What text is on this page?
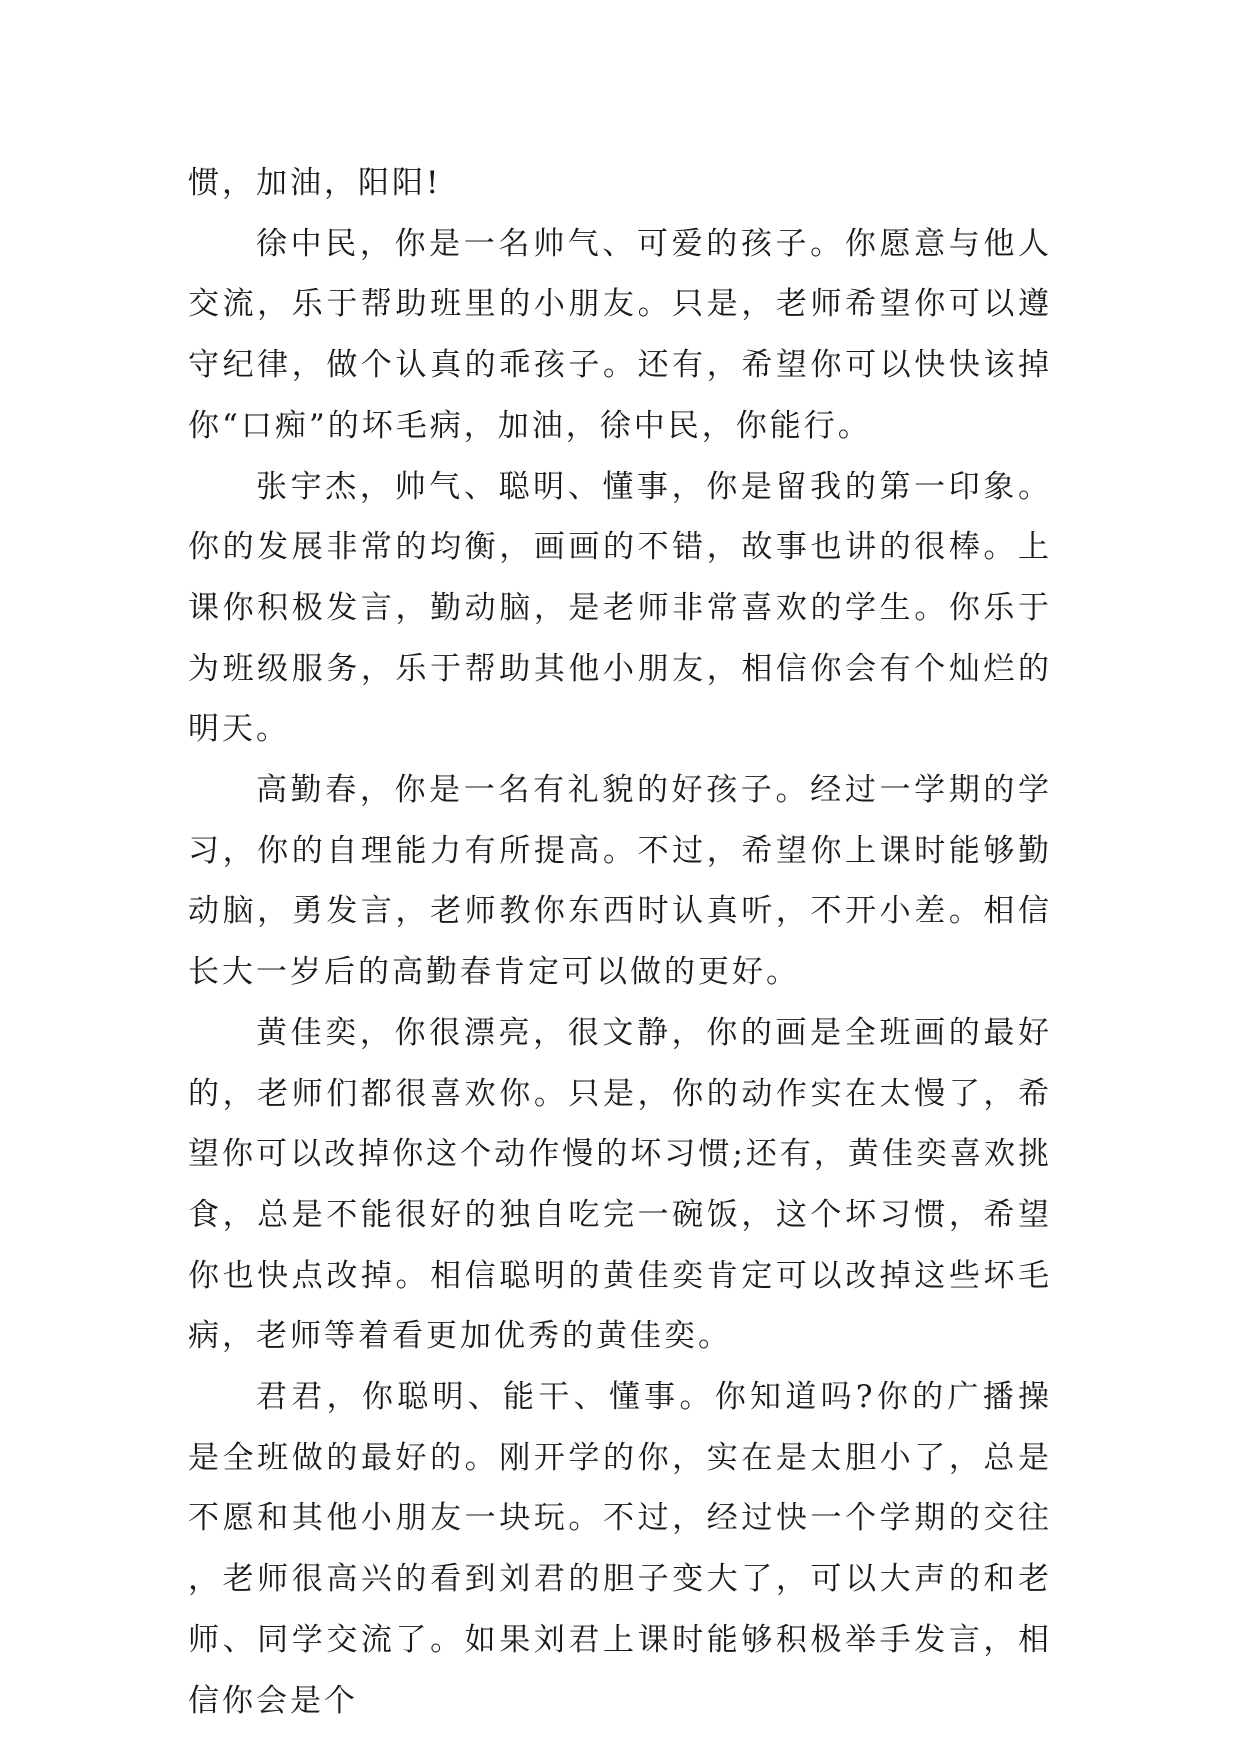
惯，加油，阳阳!

徐中民，你是一名帅气、可爱的孩子。你愿意与他人交流，乐于帮助班里的小朋友。只是，老师希望你可以遵守纪律，做个认真的乖孩子。还有，希望你可以快快该掉你“口痴”的坏毛病，加油，徐中民，你能行。

张宇杰，帅气、聪明、懂事，你是留我的第一印象。你的发展非常的均衡，画画的不错，故事也讲的很棒。上课你积极发言，勤动脑，是老师非常喜欢的学生。你乐于为班级服务，乐于帮助其他小朋友，相信你会有个灿烂的明天。

高勤春，你是一名有礼貌的好孩子。经过一学期的学习，你的自理能力有所提高。不过，希望你上课时能够勤动脑，勇发言，老师教你东西时认真听，不开小差。相信长大一岁后的高勤春肯定可以做的更好。

黄佳奕，你很漂亮，很文静，你的画是全班画的最好的，老师们都很喜欢你。只是，你的动作实在太慢了，希望你可以改掉你这个动作慢的坏习惯;还有，黄佳奕喜欢挑食，总是不能很好的独自吃完一碗饭，这个坏习惯，希望你也快点改掉。相信聪明的黄佳奕肯定可以改掉这些坏毛病，老师等着看更加优秀的黄佳奕。

君君，你聪明、能干、懂事。你知道吗?你的广播操是全班做的最好的。刚开学的你，实在是太胆小了，总是不愿和其他小朋友一块玩。不过，经过快一个学期的交往，老师很高兴的看到刘君的胆子变大了，可以大声的和老师、同学交流了。如果刘君上课时能够积极举手发言，相信你会是个
